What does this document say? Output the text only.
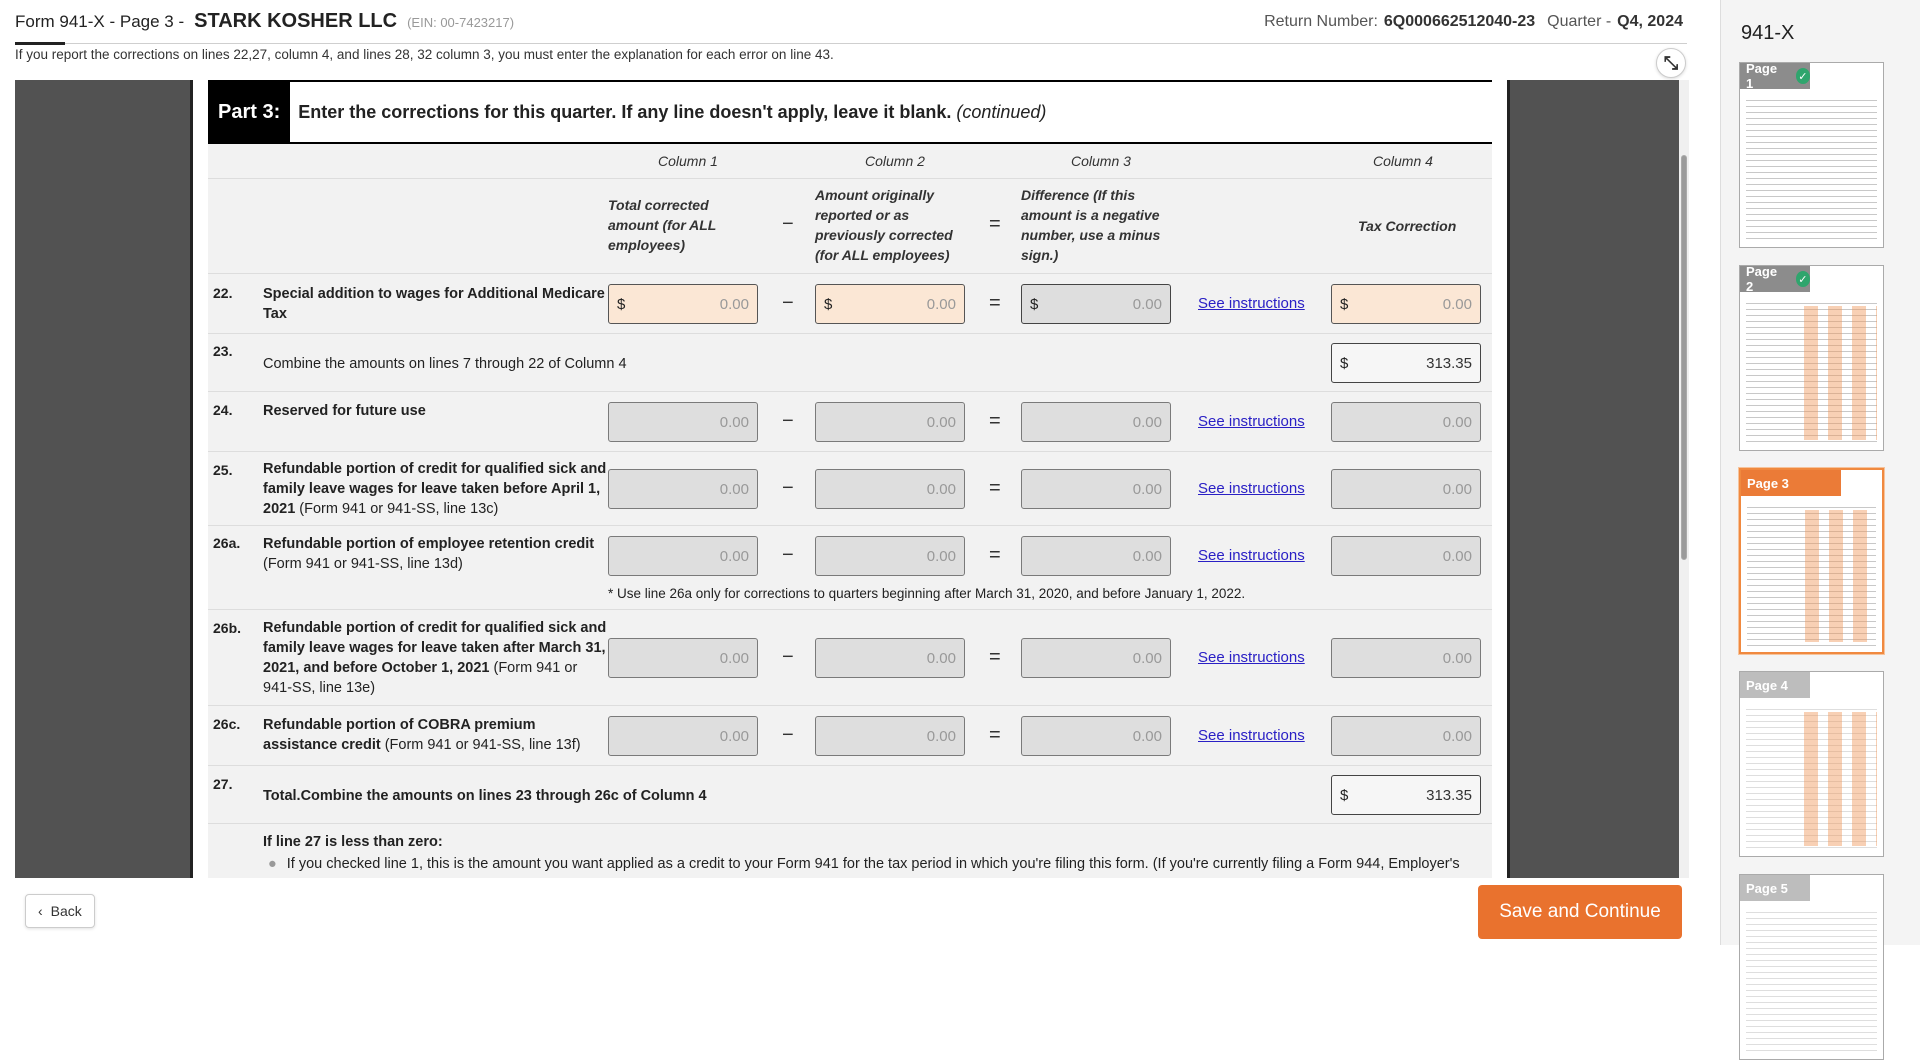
Form 941-X - Page 3 - STARK KOSHER LLC (EIN: 00-7423217)	Return Number: 6Q000662512040-23 Quarter - Q4, 2024
If you report the corrections on lines 22,27, column 4, and lines 28, 32 column 3, you must enter the explanation for each error on line 43.	⤡
Part 3:	Enter the corrections for this quarter. If any line doesn't apply, leave it blank. (continued)
Column 1	Column 2	Column 3	Column 4
Total corrected amount (for ALL employees)
−
Amount originally reported or as previously corrected (for ALL employees)
=
Difference (If this amount is a negative number, use a minus sign.)
Tax Correction
22. Special addition to wages for Additional Medicare Tax
$	0.00 − $	0.00 = $	0.00 See instructions $	0.00
23.
Combine the amounts on lines 7 through 22 of Column 4	$	313.35
24. Reserved for future use
0.00 −	0.00 =	0.00 See instructions	0.00
25. Refundable portion of credit for qualified sick and family leave wages for leave taken before April 1, 2021 (Form 941 or 941-SS, line 13c)
0.00 −	0.00 =	0.00 See instructions	0.00
26a. Refundable portion of employee retention credit (Form 941 or 941-SS, line 13d)	0.00 −	0.00 =	0.00 See instructions	0.00
* Use line 26a only for corrections to quarters beginning after March 31, 2020, and before January 1, 2022.
26b. Refundable portion of credit for qualified sick and family leave wages for leave taken after March 31, 2021, and before October 1, 2021 (Form 941 or 941-SS, line 13e)
0.00 −	0.00 =	0.00 See instructions	0.00
26c. Refundable portion of COBRA premium assistance credit (Form 941 or 941-SS, line 13f)
0.00 −	0.00 =	0.00 See instructions	0.00
27.
Total.Combine the amounts on lines 23 through 26c of Column 4	$	313.35
If line 27 is less than zero:
● If you checked line 1, this is the amount you want applied as a credit to your Form 941 for the tax period in which you're filing this form. (If you're currently filing a Form 944, Employer's
‹ Back	Save and Continue
941-X
Page 1	✓
Page 2	✓
Page 3
Page 4
Page 5
